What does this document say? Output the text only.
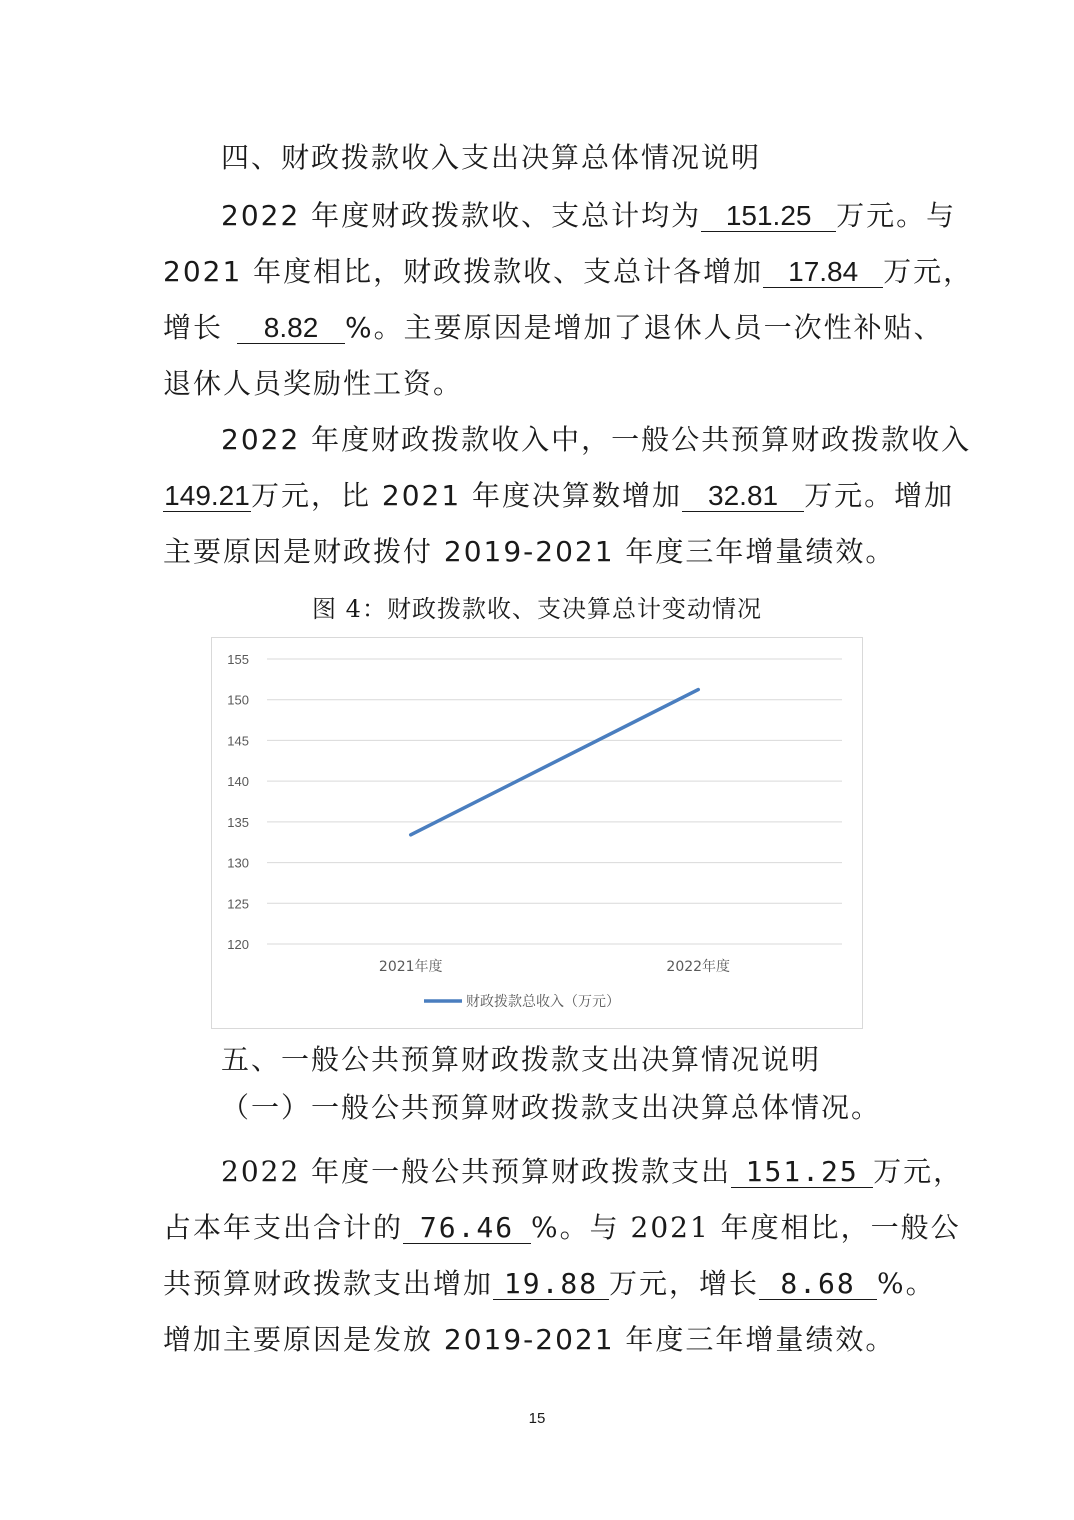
四、财政拨款收入支出决算总体情况说明
2022 年度财政拨款收、支总计均为 151.25 万元。与
2021 年度相比，财政拨款收、支总计各增加 17.84 万元，
增长 8.82 %。主要原因是增加了退休人员一次性补贴、
退休人员奖励性工资。
2022 年度财政拨款收入中，一般公共预算财政拨款收入
149.21万元，比 2021 年度决算数增加 32.81 万元。增加
主要原因是财政拨付 2019-2021 年度三年增量绩效。
图 4：财政拨款收、支决算总计变动情况
120
125
130
135
140
145
150
155
2021年度	2022年度
财政拨款总收入（万元）
五、一般公共预算财政拨款支出决算情况说明
（一）一般公共预算财政拨款支出决算总体情况。
2022 年度一般公共预算财政拨款支出 151.25 万元，
占本年支出合计的 76.46 %。与 2021 年度相比，一般公
共预算财政拨款支出增加 19.88 万元，增长 8.68 %。
增加主要原因是发放 2019-2021 年度三年增量绩效。
15
